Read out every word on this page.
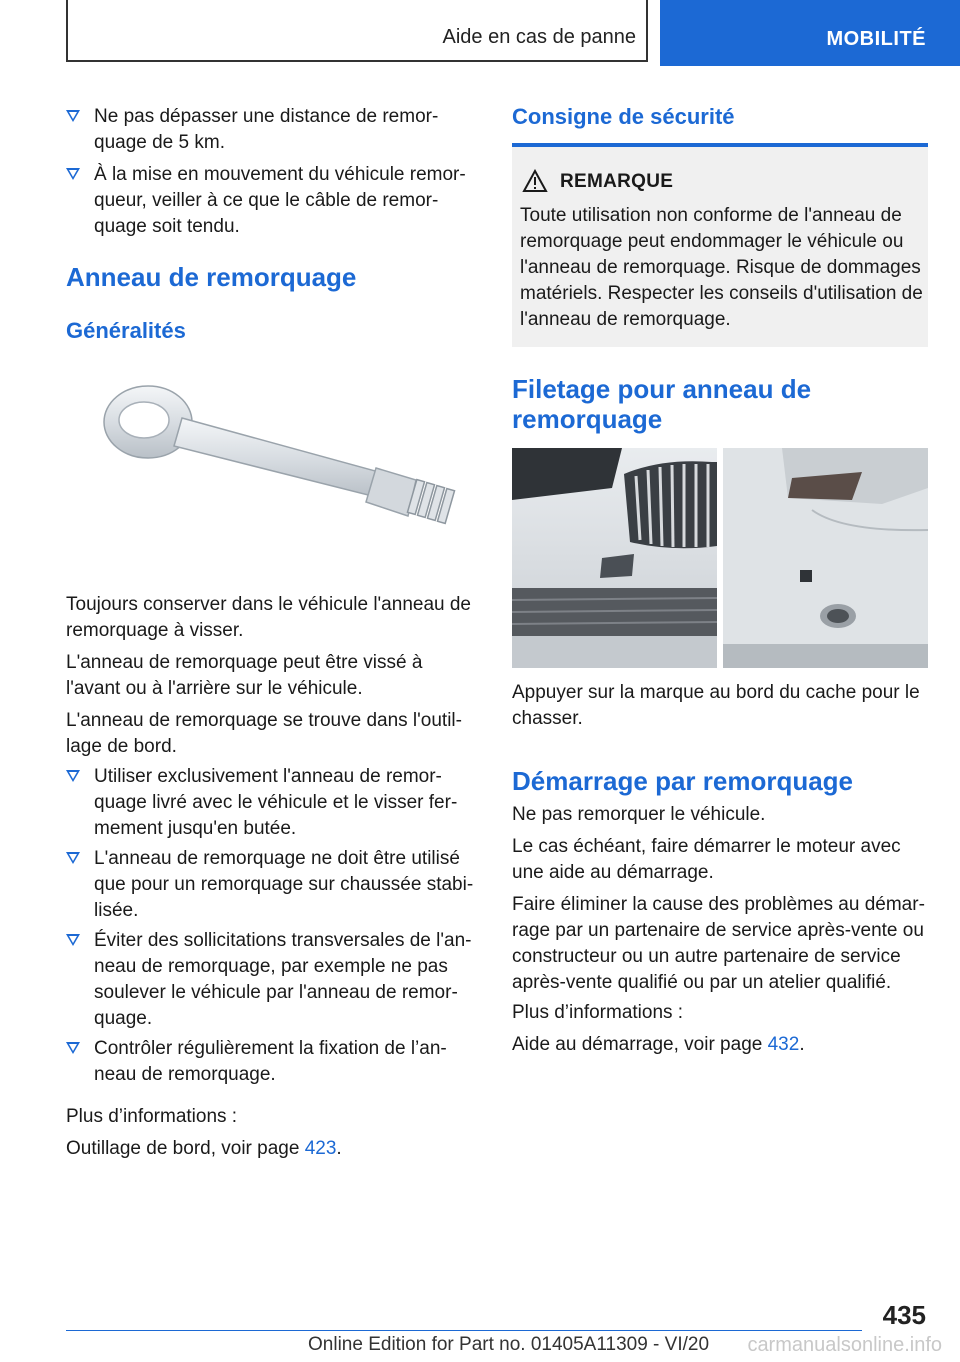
Aide en cas de panne	MOBILITÉ
Ne pas dépasser une distance de remor-quage de 5 km.
À la mise en mouvement du véhicule remor-queur, veiller à ce que le câble de remor-quage soit tendu.
Anneau de remorquage
Généralités

Toujours conserver dans le véhicule l'anneau de remorquage à visser.

L'anneau de remorquage peut être vissé à l'avant ou à l'arrière sur le véhicule.

L'anneau de remorquage se trouve dans l'outil-lage de bord.

Utiliser exclusivement l'anneau de remor-quage livré avec le véhicule et le visser fer-mement jusqu'en butée.
L'anneau de remorquage ne doit être utilisé que pour un remorquage sur chaussée stabi-lisée.
Éviter des sollicitations transversales de l'an-neau de remorquage, par exemple ne pas soulever le véhicule par l'anneau de remor-quage.
Contrôler régulièrement la fixation de l’an-neau de remorquage.

Plus d’informations :

Outillage de bord, voir page 423.

Consigne de sécurité
REMARQUE
Toute utilisation non conforme de l'anneau de remorquage peut endommager le véhicule ou l'anneau de remorquage. Risque de dommages matériels. Respecter les conseils d'utilisation de l'anneau de remorquage.
Filetage pour anneau de
remorquage

Appuyer sur la marque au bord du cache pour le chasser.

Démarrage par remorquage

Ne pas remorquer le véhicule.

Le cas échéant, faire démarrer le moteur avec une aide au démarrage.

Faire éliminer la cause des problèmes au démar-rage par un partenaire de service après-vente ou constructeur ou un autre partenaire de service après-vente qualifié ou par un atelier qualifié.

Plus d’informations :

Aide au démarrage, voir page 432.

435
Online Edition for Part no. 01405A11309 - VI/20 carmanualsonline.info
